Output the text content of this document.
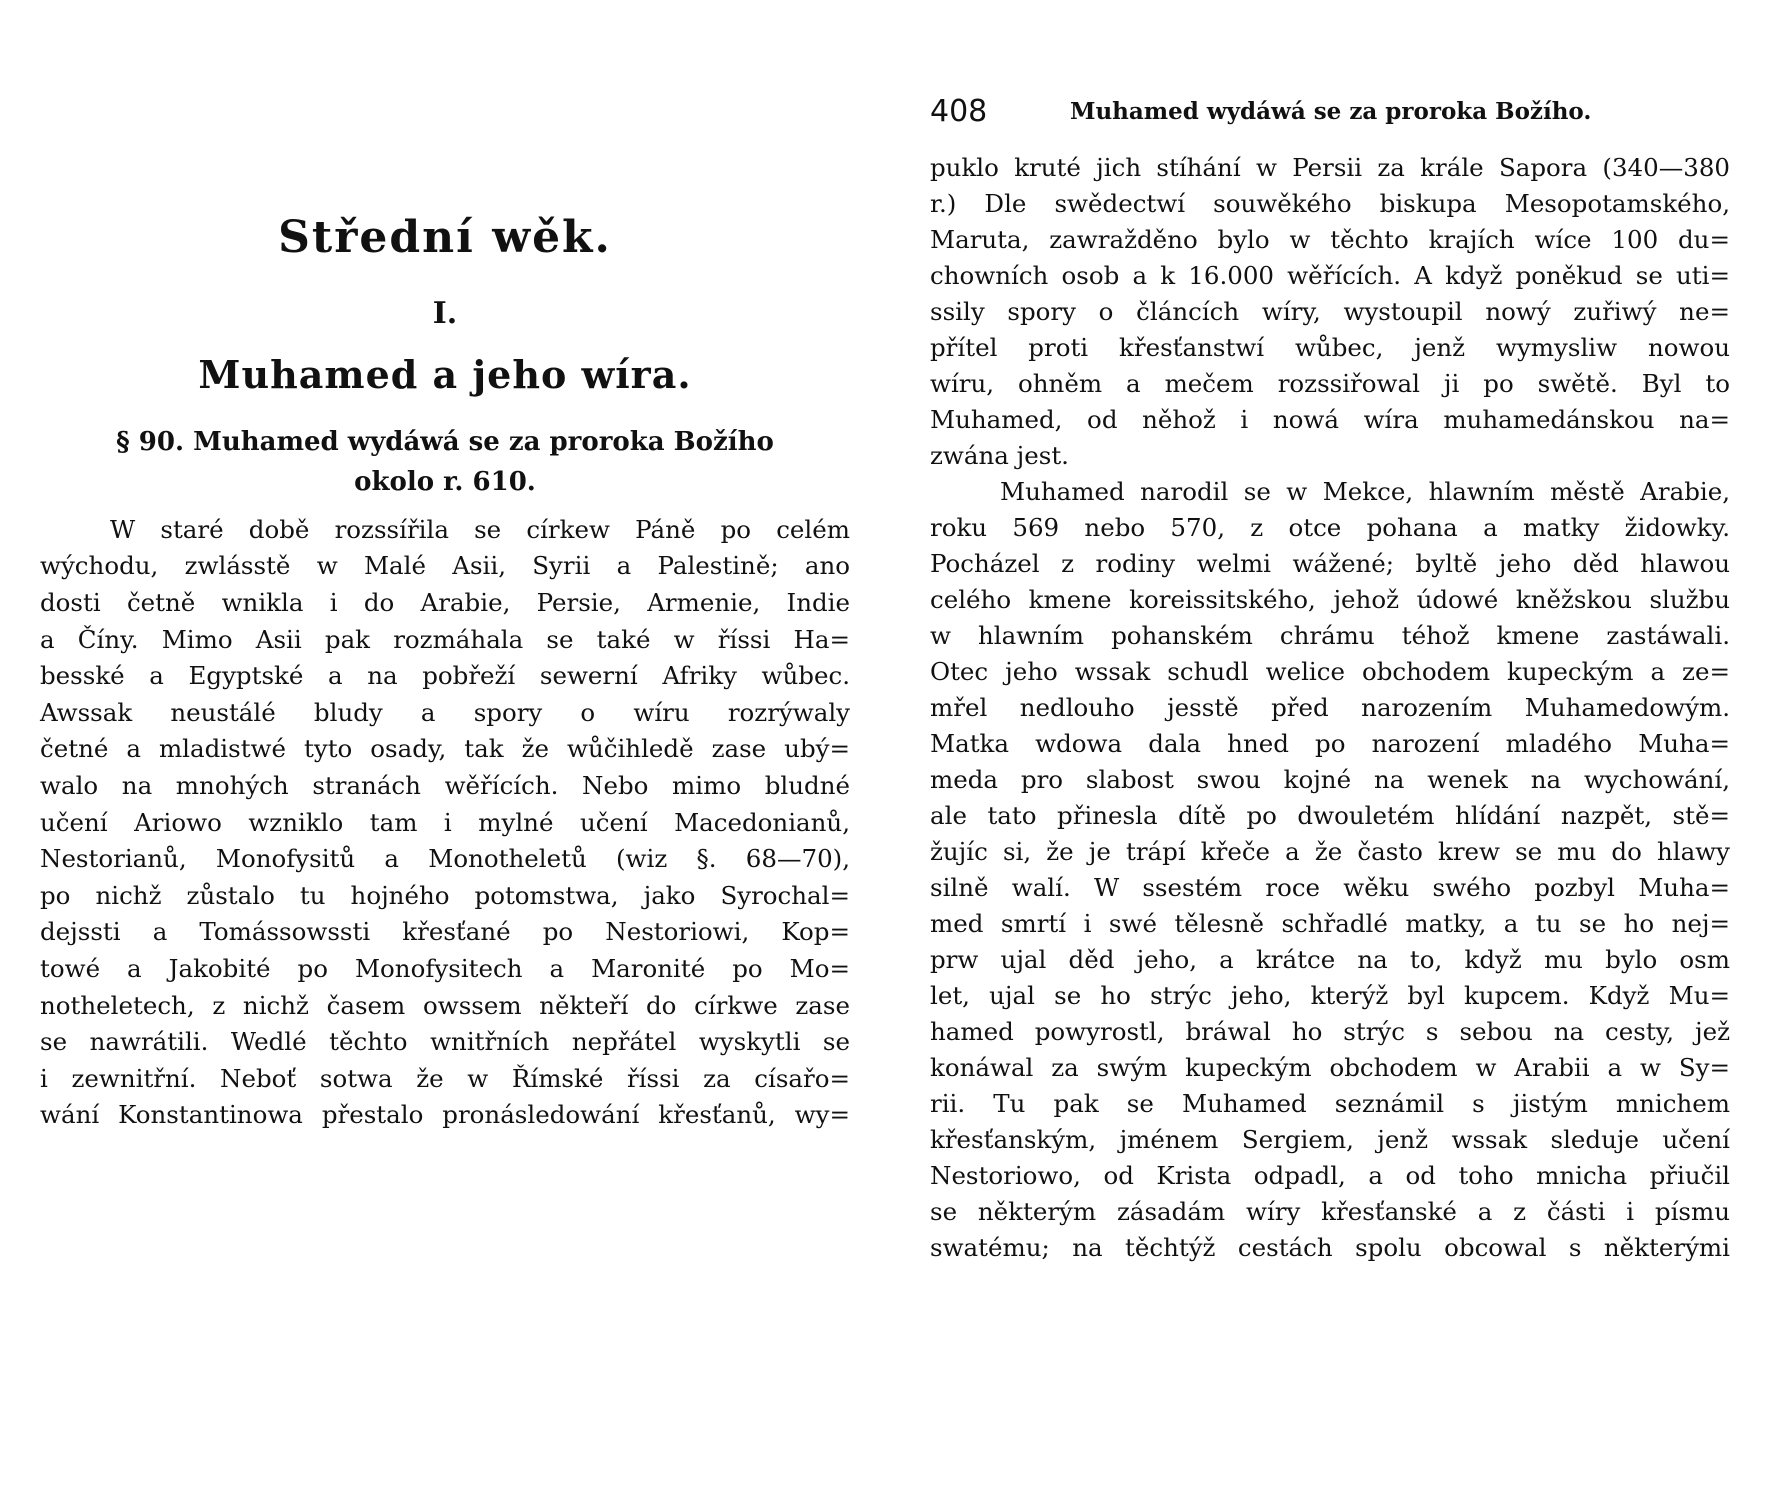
Střední wěk.
I.
Muhamed a jeho wíra.
§ 90. Muhamed wydáwá se za proroka Božího
okolo r. 610.
W staré době rozssířila se církew Páně po celém
wýchodu, zwlásstě w Malé Asii, Syrii a Palestině; ano
dosti četně wnikla i do Arabie, Persie, Armenie, Indie
a Číny. Mimo Asii pak rozmáhala se také w říssi Ha=
besské a Egyptské a na pobřeží sewerní Afriky wůbec.
Awssak neustálé bludy a spory o wíru rozrýwaly
četné a mladistwé tyto osady, tak že wůčihledě zase ubý=
walo na mnohých stranách wěřících. Nebo mimo bludné
učení Ariowo wzniklo tam i mylné učení Macedonianů,
Nestorianů, Monofysitů a Monotheletů (wiz §. 68—70),
po nichž zůstalo tu hojného potomstwa, jako Syrochal=
dejssti a Tomássowssti křesťané po Nestoriowi, Kop=
towé a Jakobité po Monofysitech a Maronité po Mo=
notheletech, z nichž časem owssem někteří do církwe zase
se nawrátili. Wedlé těchto wnitřních nepřátel wyskytli se
i zewnitřní. Neboť sotwa že w Římské říssi za císařo=
wání Konstantinowa přestalo pronásledowání křesťanů, wy=
408	Muhamed wydáwá se za proroka Božího.
puklo kruté jich stíhání w Persii za krále Sapora (340—380
r.) Dle swědectwí souwěkého biskupa Mesopotamského,
Maruta, zawražděno bylo w těchto krajích wíce 100 du=
chowních osob a k 16.000 wěřících. A když poněkud se uti=
ssily spory o článcích wíry, wystoupil nowý zuřiwý ne=
přítel proti křesťanstwí wůbec, jenž wymysliw nowou
wíru, ohněm a mečem rozssiřowal ji po swětě. Byl to
Muhamed, od něhož i nowá wíra muhamedánskou na=
zwána jest.
Muhamed narodil se w Mekce, hlawním městě Arabie,
roku 569 nebo 570, z otce pohana a matky židowky.
Pocházel z rodiny welmi wážené; byltě jeho děd hlawou
celého kmene koreissitského, jehož údowé kněžskou službu
w hlawním pohanském chrámu téhož kmene zastáwali.
Otec jeho wssak schudl welice obchodem kupeckým a ze=
mřel nedlouho jesstě před narozením Muhamedowým.
Matka wdowa dala hned po narození mladého Muha=
meda pro slabost swou kojné na wenek na wychowání,
ale tato přinesla dítě po dwouletém hlídání nazpět, stě=
žujíc si, že je trápí křeče a že často krew se mu do hlawy
silně walí. W ssestém roce wěku swého pozbyl Muha=
med smrtí i swé tělesně schřadlé matky, a tu se ho nej=
prw ujal děd jeho, a krátce na to, když mu bylo osm
let, ujal se ho strýc jeho, kterýž byl kupcem. Když Mu=
hamed powyrostl, bráwal ho strýc s sebou na cesty, jež
konáwal za swým kupeckým obchodem w Arabii a w Sy=
rii. Tu pak se Muhamed seznámil s jistým mnichem
křesťanským, jménem Sergiem, jenž wssak sleduje učení
Nestoriowo, od Krista odpadl, a od toho mnicha přiučil
se některým zásadám wíry křesťanské a z části i písmu
swatému; na těchtýž cestách spolu obcowal s některými
